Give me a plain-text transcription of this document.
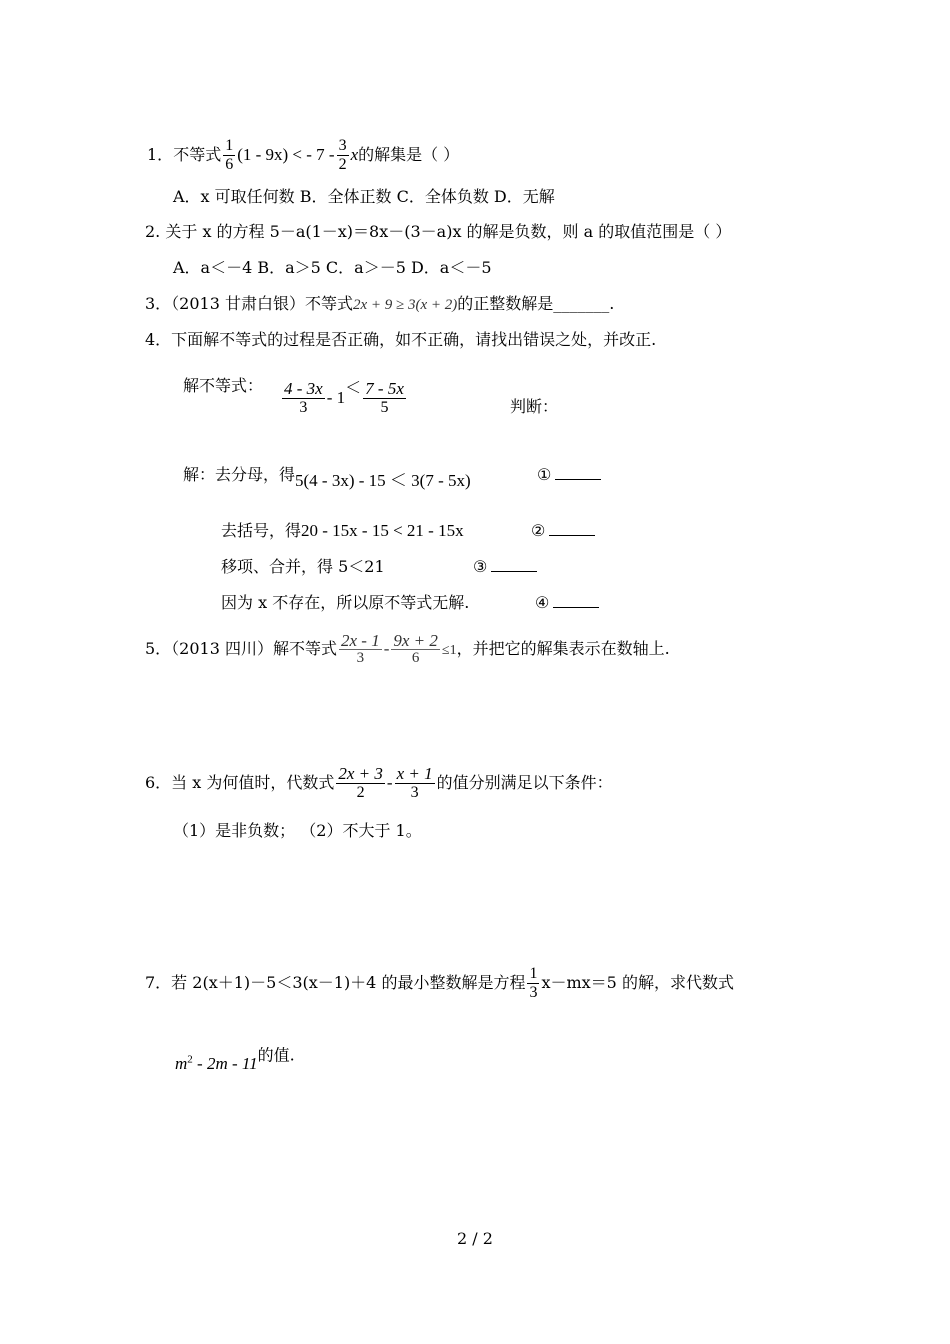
1．不等式 $\frac{1}{6} (1 - 9x)$ < - $7 - \frac{3}{2}$ x的解集是（ ）
A．x 可取任何数 B．全体正数 C．全体负数 D．无解
2. 关于 x 的方程 5－a(1－x)＝8x－(3－a)x 的解是负数，则 a 的取值范围是（ ）
A．a＜－4 B．a＞5 C．a＞－5 D．a＜－5
3．（2013 甘肃白银）不等式2x + 9 ≥ 3(x + 2)的正整数解是_______.
4．下面解不等式的过程是否正确，如不正确，请找出错误之处，并改正.
解不等式： $\frac{4 - 3x}{3} - 1< \frac{7 - 5x}{5}$	判断：
解：去分母，得5(4 - 3x) - 15 ＜ 3(7 - 5x)	①
去括号，得20 - 15x - 15 < 21 - 15x	②
移项、合并，得 5＜21	③
因为 x 不存在，所以原不等式无解.	④
5．（2013 四川）解不等式 $\frac{2x - 1}{3} - \frac{9x + 2}{6} \le 1$，并把它的解集表示在数轴上.
6．当 x 为何值时，代数式 $\frac{2x + 3}{2} - \frac{x + 1}{3}$ 的值分别满足以下条件：
（1）是非负数； （2）不大于 1。
7．若 2(x＋1)－5＜3(x－1)＋4 的最小整数解是方程 $\frac{1}{3} x-mx=5$ 的解，求代数式
$m^2 - 2m - 11$的值.
2 / 2
